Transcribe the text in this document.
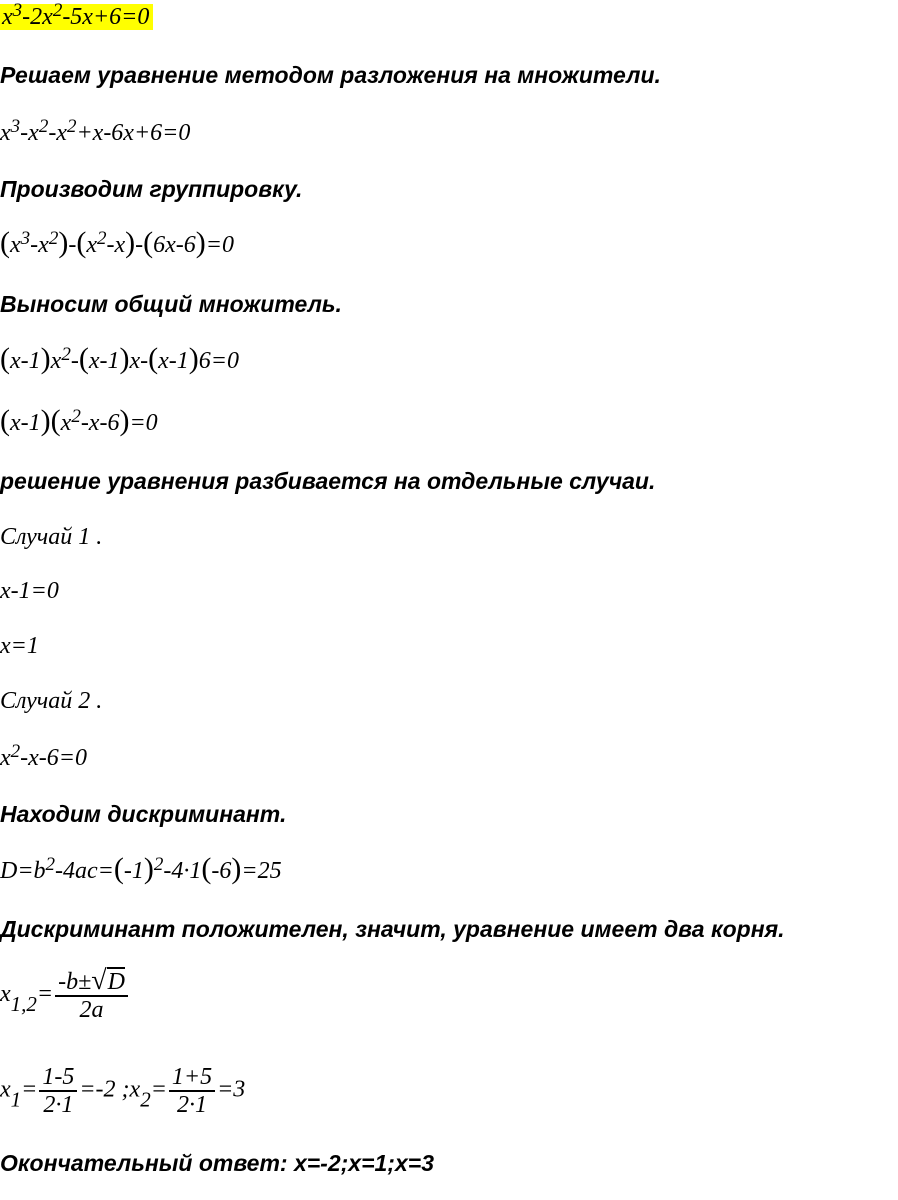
$x^3-2x^2-5x+6=0$
Решаем уравнение методом разложения на множители.
$x^3-x^2-x^2+x-6x+6=0$
Производим группировку.
$(x^3-x^2)-(x^2-x)-(6x-6)=0$
Выносим общий множитель.
$(x-1)x^2-(x-1)x-(x-1)6=0$
$(x-1)(x^2-x-6)=0$
решение уравнения разбивается на отдельные случаи.
Случай 1 .
x-1=0
x=1
Случай 2 .
$x^2-x-6=0$
Находим дискриминант.
$D=b^2-4ac=(-1)^2-4\cdot 1(-6)=25$
Дискриминант положителен, значит, уравнение имеет два корня.
$x_{1,2}= \frac{-b\pm√D}{2a}$
$x_1= \frac{1-5}{2\cdot 1} =-2$ $;x_2= \frac{1+5}{2\cdot 1} =3$
Окончательный ответ: x=-2;x=1;x=3
